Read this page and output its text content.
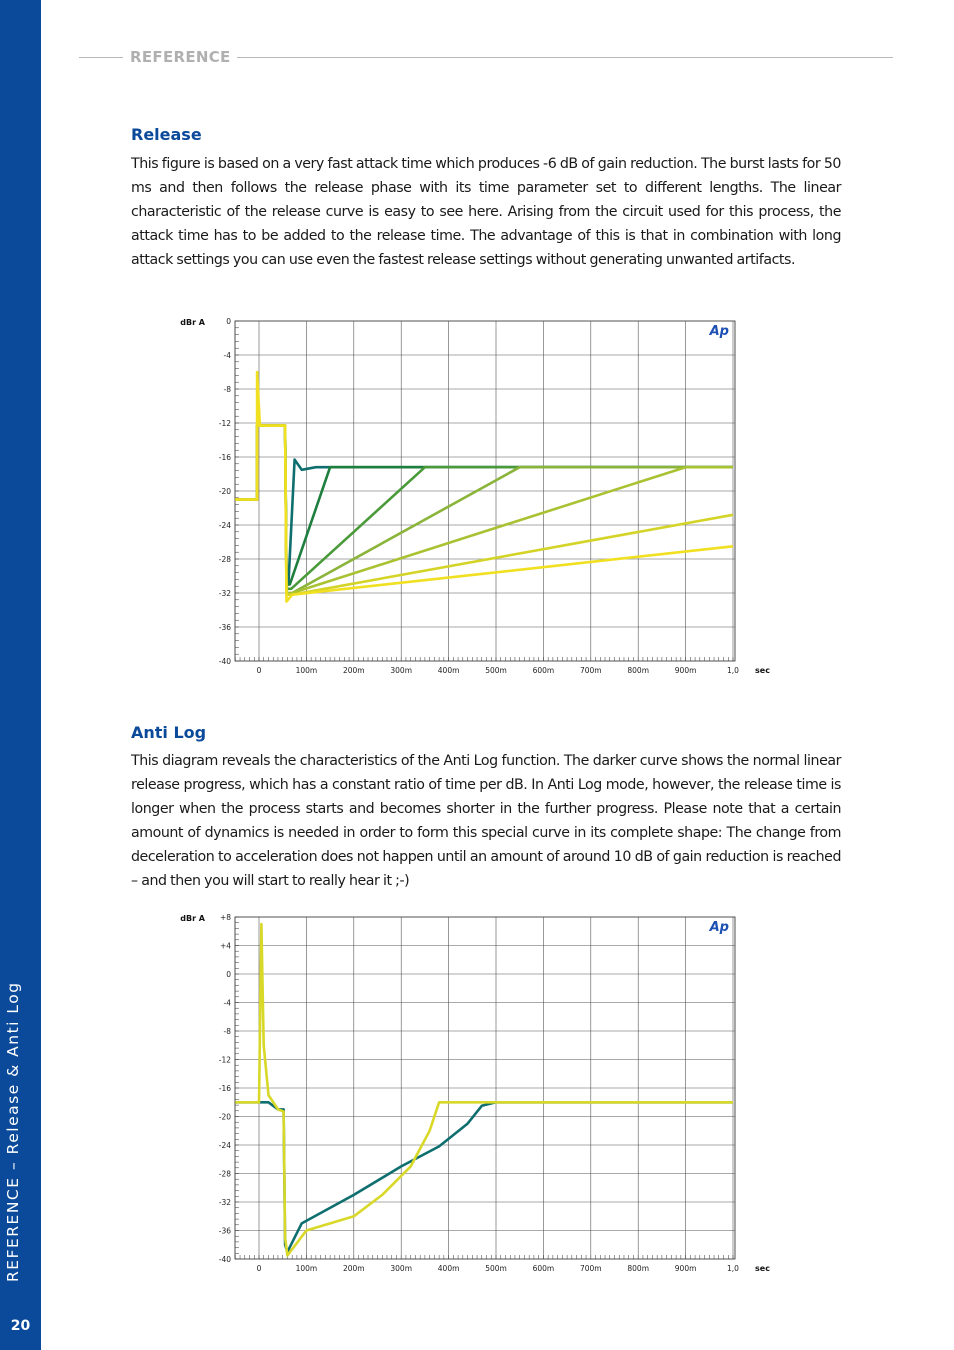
REFERENCE – Release & Anti Log
20
REFERENCE
Release

This figure is based on a very fast attack time which produces -6 dB of gain reduction. The burst lasts for 50 ms and then follows the release phase with its time parameter set to different lengths. The linear characteristic of the release curve is easy to see here. Arising from the circuit used for this process, the attack time has to be added to the release time. The advantage of this is that in combination with long attack settings you can use even the fastest release settings without generating unwanted artifacts.

0	100m	200m	300m	400m	500m	600m	700m	800m	900m	1,0
0
-4
-8
-12
-16
-20
-24
-28
-32
-36
-40
dBr A
sec
Ap
Anti Log

This diagram reveals the characteristics of the Anti Log function. The darker curve shows the normal linear release progress, which has a constant ratio of time per dB. In Anti Log mode, however, the release time is longer when the process starts and becomes shorter in the further progress. Please note that a certain amount of dynamics is needed in order to form this special curve in its complete shape: The change from deceleration to acceleration does not happen until an amount of around 10 dB of gain reduction is reached – and then you will start to really hear it ;-)

0	100m	200m	300m	400m	500m	600m	700m	800m	900m	1,0
+8
+4
0
-4
-8
-12
-16
-20
-24
-28
-32
-36
-40
dBr A
sec
Ap
